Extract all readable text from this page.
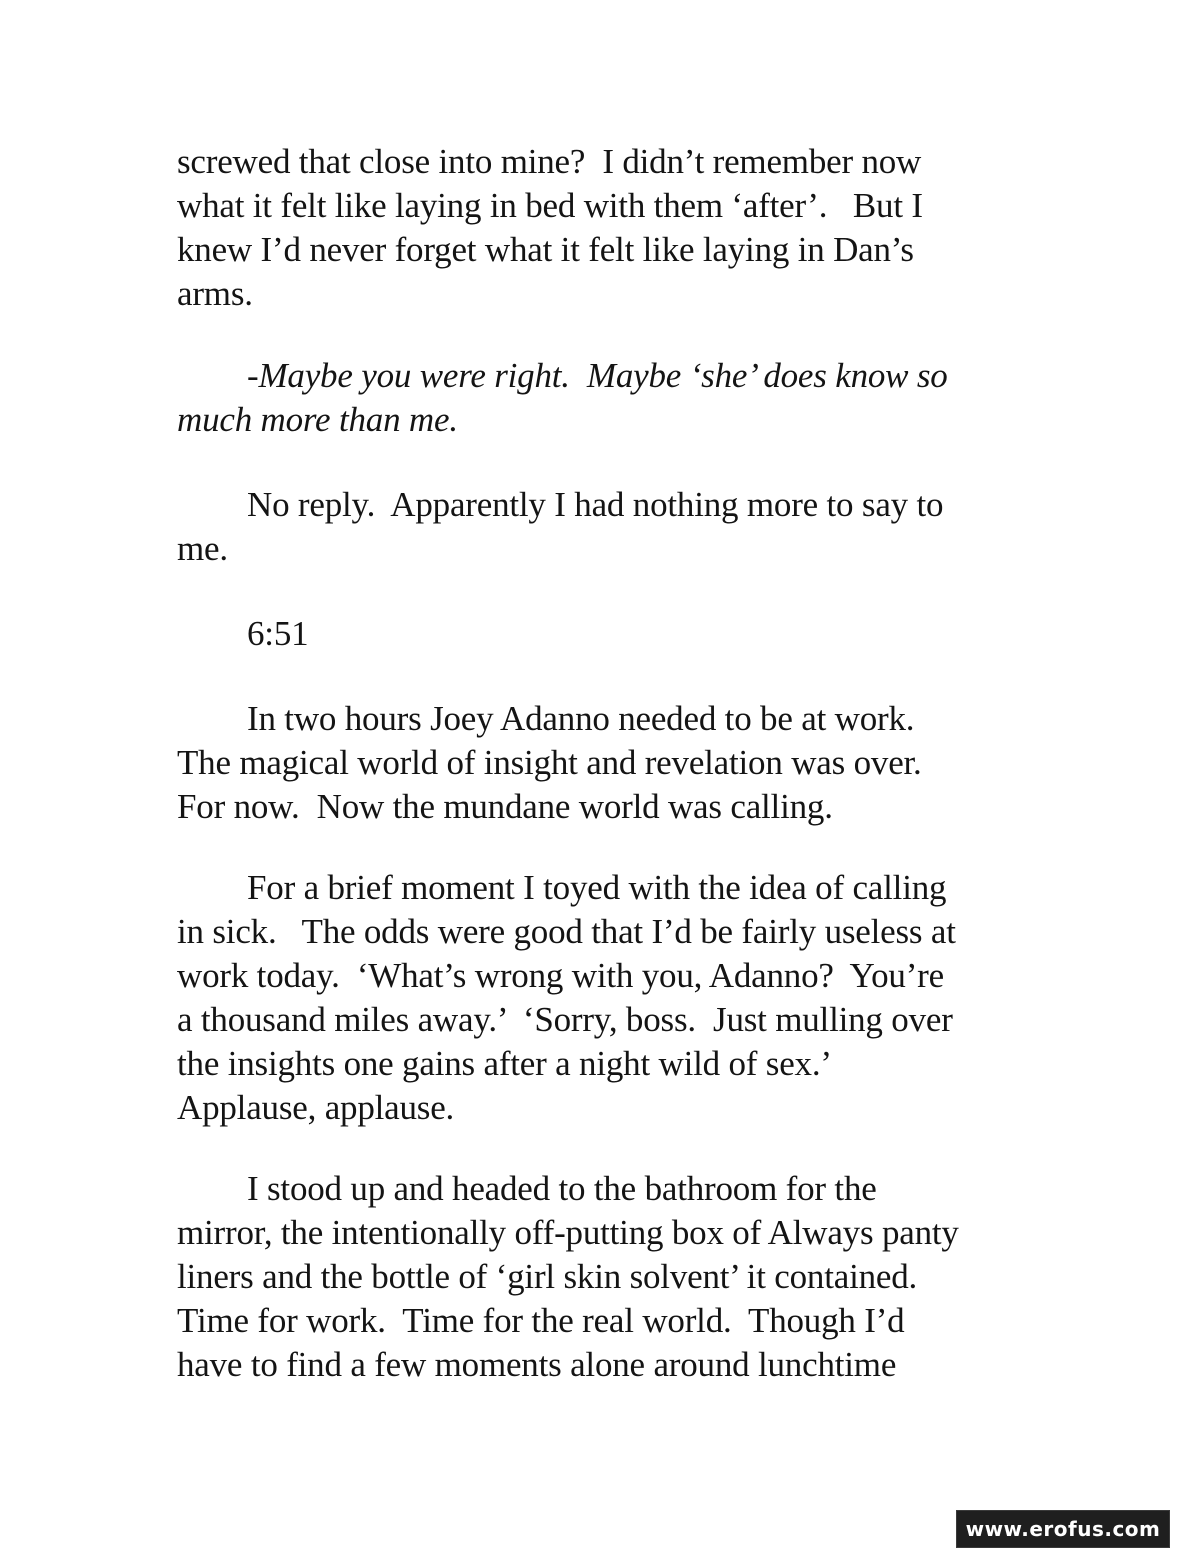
screwed that close into mine?  I didn’t remember now
what it felt like laying in bed with them ‘after’.   But I
knew I’d never forget what it felt like laying in Dan’s
arms.
-Maybe you were right.  Maybe ‘she’ does know so
much more than me.
No reply.  Apparently I had nothing more to say to
me.
6:51
In two hours Joey Adanno needed to be at work.
The magical world of insight and revelation was over.
For now.  Now the mundane world was calling.
For a brief moment I toyed with the idea of calling
in sick.   The odds were good that I’d be fairly useless at
work today.  ‘What’s wrong with you, Adanno?  You’re
a thousand miles away.’  ‘Sorry, boss.  Just mulling over
the insights one gains after a night wild of sex.’
Applause, applause.
I stood up and headed to the bathroom for the
mirror, the intentionally off-putting box of Always panty
liners and the bottle of ‘girl skin solvent’ it contained.
Time for work.  Time for the real world.  Though I’d
have to find a few moments alone around lunchtime
www.erofus.com
